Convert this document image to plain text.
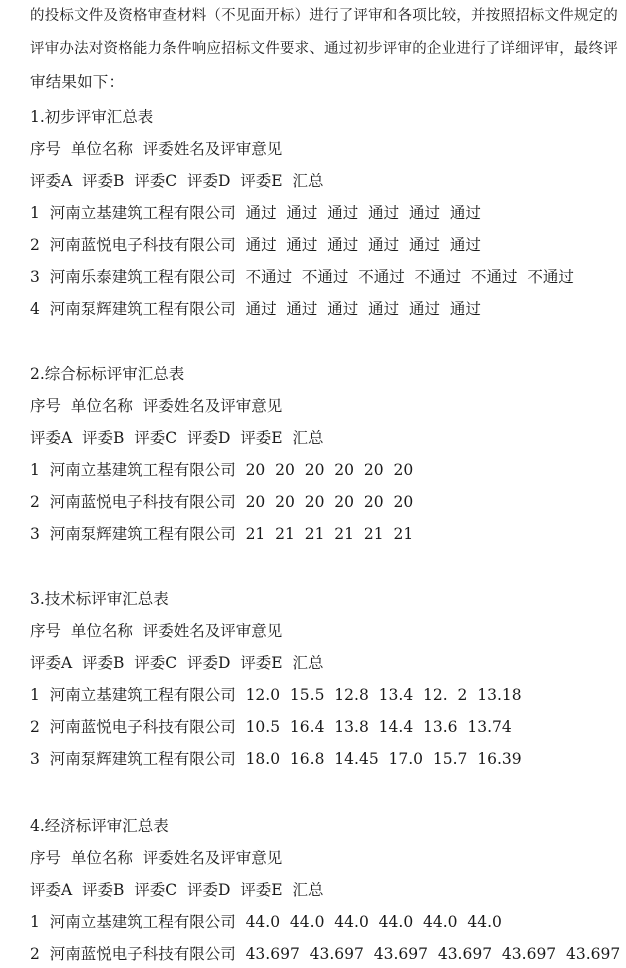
的投标文件及资格审查材料（不见面开标）进行了评审和各项比较，并按照招标文件规定的

评审办法对资格能力条件响应招标文件要求、通过初步评审的企业进行了详细评审，最终评

审结果如下：

1.初步评审汇总表
序号  单位名称  评委姓名及评审意见
评委A  评委B  评委C  评委D  评委E  汇总
1  河南立基建筑工程有限公司  通过  通过  通过  通过  通过  通过
2  河南蓝悦电子科技有限公司  通过  通过  通过  通过  通过  通过
3  河南乐泰建筑工程有限公司  不通过  不通过  不通过  不通过  不通过  不通过
4  河南泵辉建筑工程有限公司  通过  通过  通过  通过  通过  通过
2.综合标标评审汇总表
序号  单位名称  评委姓名及评审意见
评委A  评委B  评委C  评委D  评委E  汇总
1  河南立基建筑工程有限公司  20  20  20  20  20  20
2  河南蓝悦电子科技有限公司  20  20  20  20  20  20
3  河南泵辉建筑工程有限公司  21  21  21  21  21  21
3.技术标评审汇总表
序号  单位名称  评委姓名及评审意见
评委A  评委B  评委C  评委D  评委E  汇总
1  河南立基建筑工程有限公司  12.0  15.5  12.8  13.4  12.  2  13.18
2  河南蓝悦电子科技有限公司  10.5  16.4  13.8  14.4  13.6  13.74
3  河南泵辉建筑工程有限公司  18.0  16.8  14.45  17.0  15.7  16.39
4.经济标评审汇总表
序号  单位名称  评委姓名及评审意见
评委A  评委B  评委C  评委D  评委E  汇总
1  河南立基建筑工程有限公司  44.0  44.0  44.0  44.0  44.0  44.0
2  河南蓝悦电子科技有限公司  43.697  43.697  43.697  43.697  43.697  43.697
